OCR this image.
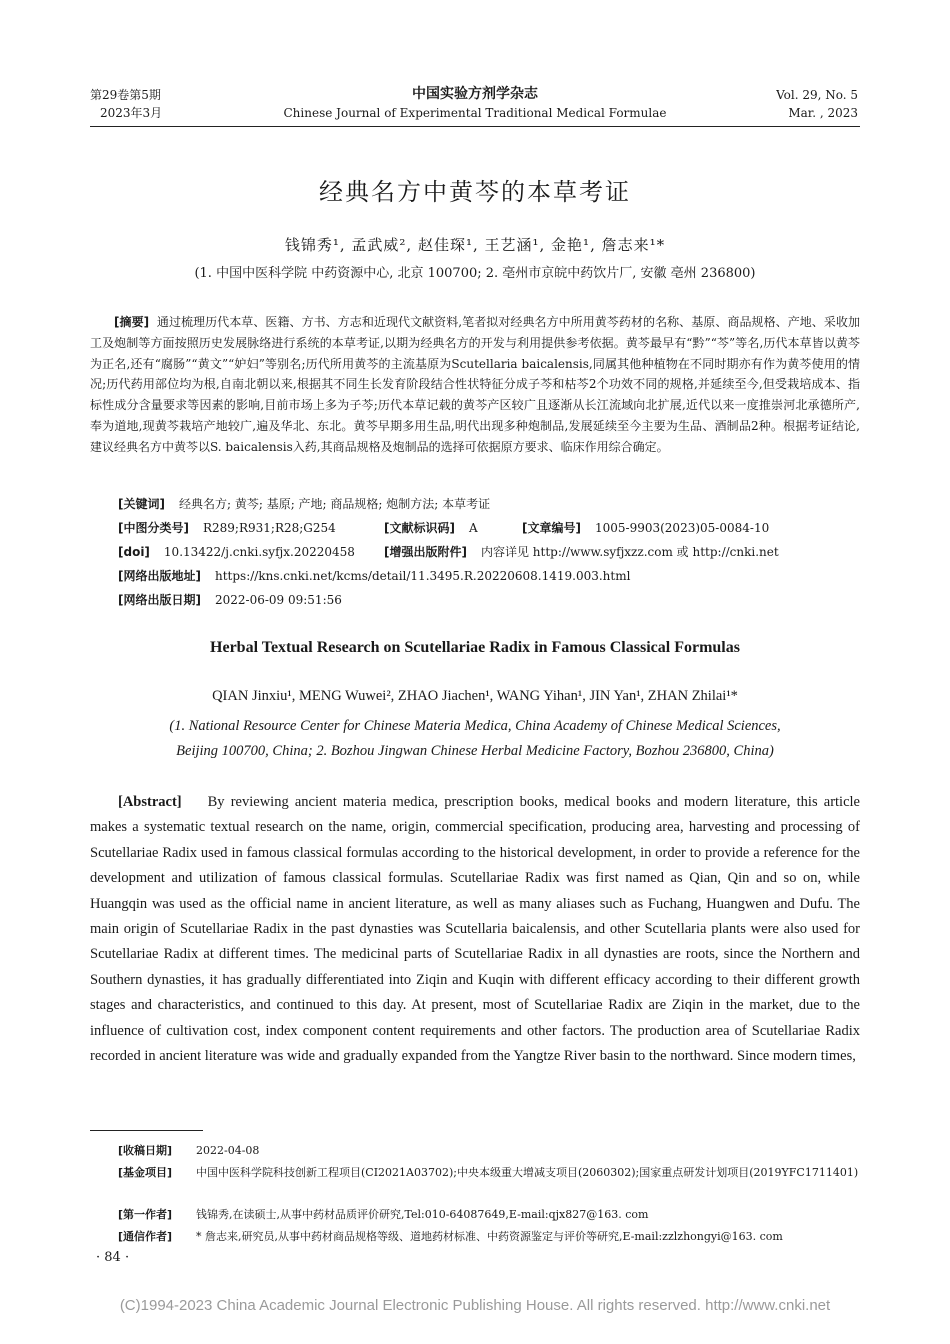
第29卷第5期
2023年3月
中国实验方剂学杂志
Chinese Journal of Experimental Traditional Medical Formulae
Vol. 29, No. 5
Mar. , 2023
经典名方中黄芩的本草考证
钱锦秀¹, 孟武威², 赵佳琛¹, 王艺涵¹, 金艳¹, 詹志来¹*
(1. 中国中医科学院 中药资源中心, 北京 100700; 2. 亳州市京皖中药饮片厂, 安徽 亳州 236800)
[摘要] 通过梳理历代本草、医籍、方书、方志和近现代文献资料,笔者拟对经典名方中所用黄芩药材的名称、基原、商品规格、产地、采收加工及炮制等方面按照历史发展脉络进行系统的本草考证,以期为经典名方的开发与利用提供参考依据。黄芩最早有“黔”“芩”等名,历代本草皆以黄芩为正名,还有“腐肠”“黄文”“妒妇”等别名;历代所用黄芩的主流基原为Scutellaria baicalensis,同属其他种植物在不同时期亦有作为黄芩使用的情况;历代药用部位均为根,自南北朝以来,根据其不同生长发育阶段结合性状特征分成子芩和枯芩2个功效不同的规格,并延续至今,但受栽培成本、指标性成分含量要求等因素的影响,目前市场上多为子芩;历代本草记载的黄芩产区较广且逐渐从长江流域向北扩展,近代以来一度推崇河北承德所产,奉为道地,现黄芩栽培产地较广,遍及华北、东北。黄芩早期多用生品,明代出现多种炮制品,发展延续至今主要为生品、酒制品2种。根据考证结论,建议经典名方中黄芩以S. baicalensis入药,其商品规格及炮制品的选择可依据原方要求、临床作用综合确定。
[关键词] 经典名方; 黄芩; 基原; 产地; 商品规格; 炮制方法; 本草考证
[中图分类号] R289;R931;R28;G254	[文献标识码] A	[文章编号] 1005-9903(2023)05-0084-10
[doi] 10.13422/j.cnki.syfjx.20220458 [增强出版附件] 内容详见 http://www.syfjxzz.com 或 http://cnki.net
[网络出版地址] https://kns.cnki.net/kcms/detail/11.3495.R.20220608.1419.003.html
[网络出版日期] 2022-06-09 09:51:56
Herbal Textual Research on Scutellariae Radix in Famous Classical Formulas
QIAN Jinxiu¹, MENG Wuwei², ZHAO Jiachen¹, WANG Yihan¹, JIN Yan¹, ZHAN Zhilai¹*
(1. National Resource Center for Chinese Materia Medica, China Academy of Chinese Medical Sciences,
Beijing 100700, China; 2. Bozhou Jingwan Chinese Herbal Medicine Factory, Bozhou 236800, China)
[Abstract] By reviewing ancient materia medica, prescription books, medical books and modern literature, this article makes a systematic textual research on the name, origin, commercial specification, producing area, harvesting and processing of Scutellariae Radix used in famous classical formulas according to the historical development, in order to provide a reference for the development and utilization of famous classical formulas. Scutellariae Radix was first named as Qian, Qin and so on, while Huangqin was used as the official name in ancient literature, as well as many aliases such as Fuchang, Huangwen and Dufu. The main origin of Scutellariae Radix in the past dynasties was Scutellaria baicalensis, and other Scutellaria plants were also used for Scutellariae Radix at different times. The medicinal parts of Scutellariae Radix in all dynasties are roots, since the Northern and Southern dynasties, it has gradually differentiated into Ziqin and Kuqin with different efficacy according to their different growth stages and characteristics, and continued to this day. At present, most of Scutellariae Radix are Ziqin in the market, due to the influence of cultivation cost, index component content requirements and other factors. The production area of Scutellariae Radix recorded in ancient literature was wide and gradually expanded from the Yangtze River basin to the northward. Since modern times,
[收稿日期] 2022-04-08
[基金项目] 中国中医科学院科技创新工程项目(CI2021A03702);中央本级重大增减支项目(2060302);国家重点研发计划项目(2019YFC1711401)
[第一作者] 钱锦秀,在读硕士,从事中药材品质评价研究,Tel:010-64087649,E-mail:qjx827@163. com
[通信作者] * 詹志来,研究员,从事中药材商品规格等级、道地药材标准、中药资源鉴定与评价等研究,E-mail:zzlzhongyi@163. com
· 84 ·
(C)1994-2023 China Academic Journal Electronic Publishing House. All rights reserved. http://www.cnki.net
